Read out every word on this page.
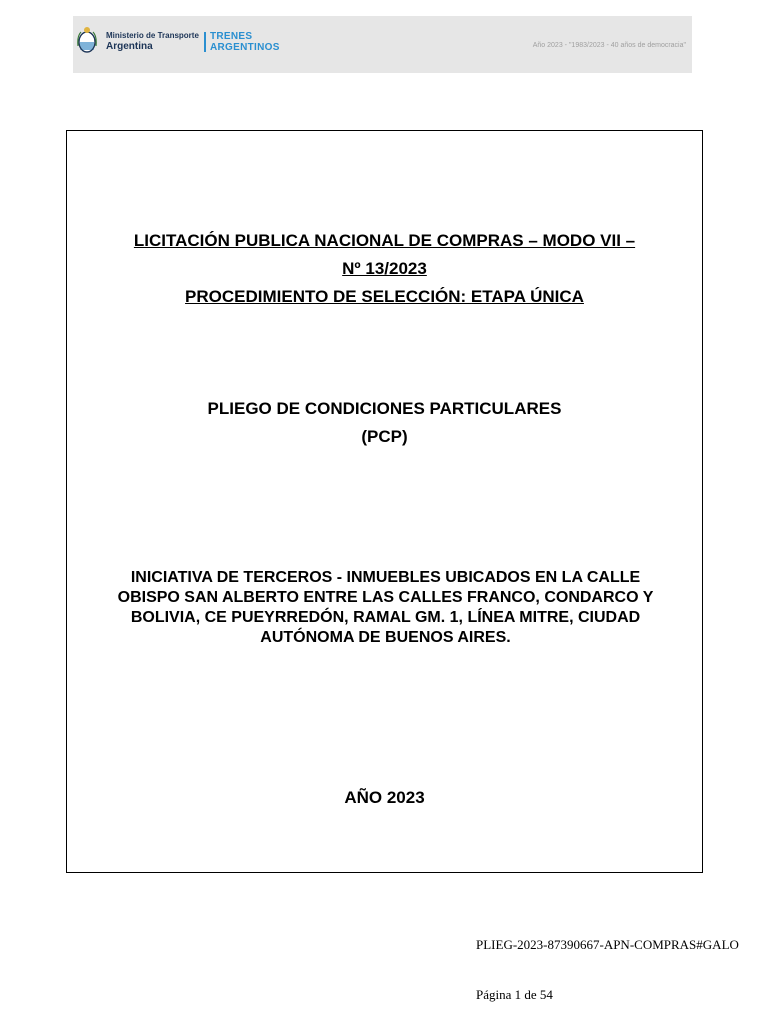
Ministerio de Transporte
Argentina
TRENES
ARGENTINOS	Año 2023 - "1983/2023 - 40 años de democracia"
LICITACIÓN PUBLICA NACIONAL DE COMPRAS – MODO VII –
Nº 13/2023
PROCEDIMIENTO DE SELECCIÓN: ETAPA ÚNICA
PLIEGO DE CONDICIONES PARTICULARES
(PCP)
INICIATIVA DE TERCEROS - INMUEBLES UBICADOS EN LA CALLE
OBISPO SAN ALBERTO ENTRE LAS CALLES FRANCO, CONDARCO Y
BOLIVIA, CE PUEYRREDÓN, RAMAL GM. 1, LÍNEA MITRE, CIUDAD
AUTÓNOMA DE BUENOS AIRES.
AÑO 2023
PLIEG-2023-87390667-APN-COMPRAS#GALO
Página 1 de 54
